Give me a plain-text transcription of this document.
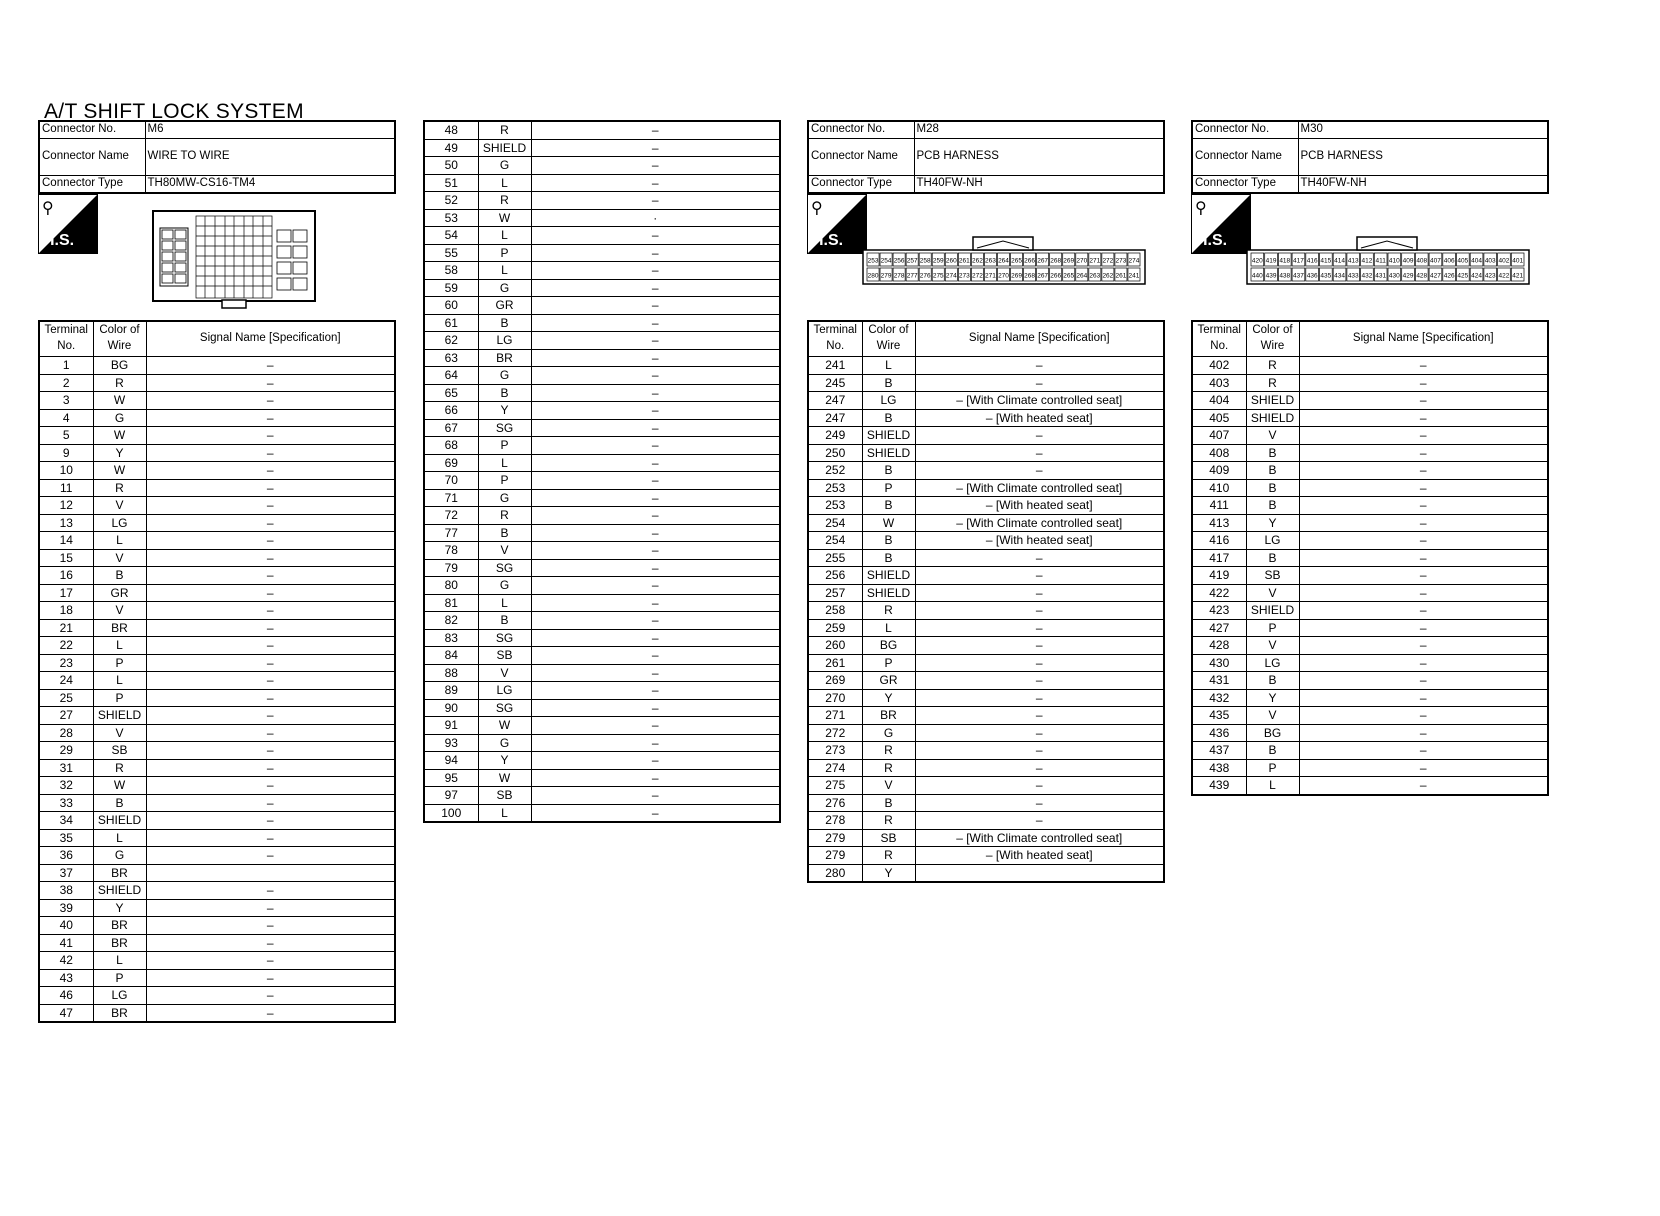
A/T SHIFT LOCK SYSTEM
Connector No.	M6
Connector Name	WIRE TO WIRE
Connector Type	TH80MW-CS16-TM4
⚲
H.S.
Terminal No.	Color of Wire	Signal Name [Specification]
1	BG	–
2	R	–
3	W	–
4	G	–
5	W	–
9	Y	–
10	W	–
11	R	–
12	V	–
13	LG	–
14	L	–
15	V	–
16	B	–
17	GR	–
18	V	–
21	BR	–
22	L	–
23	P	–
24	L	–
25	P	–
27	SHIELD	–
28	V	–
29	SB	–
31	R	–
32	W	–
33	B	–
34	SHIELD	–
35	L	–
36	G	–
37	BR	
38	SHIELD	–
39	Y	–
40	BR	–
41	BR	–
42	L	–
43	P	–
46	LG	–
47	BR	–
48	R	–
49	SHIELD	–
50	G	–
51	L	–
52	R	–
53	W	·
54	L	–
55	P	–
58	L	–
59	G	–
60	GR	–
61	B	–
62	LG	–
63	BR	–
64	G	–
65	B	–
66	Y	–
67	SG	–
68	P	–
69	L	–
70	P	–
71	G	–
72	R	–
77	B	–
78	V	–
79	SG	–
80	G	–
81	L	–
82	B	–
83	SG	–
84	SB	–
88	V	–
89	LG	–
90	SG	–
91	W	–
93	G	–
94	Y	–
95	W	–
97	SB	–
100	L	–
Connector No.	M28
Connector Name	PCB HARNESS
Connector Type	TH40FW-NH
⚲
H.S.
253 254 256 257 258 259 260 261 262 263 264 265 266 267 268 269 270 271 272 273 274
280 279 278 277 276 275 274 273 272 271 270 269 268 267 266 265 264 263 262 261 241
Terminal No.	Color of Wire	Signal Name [Specification]
241	L	–
245	B	–
247	LG	– [With Climate controlled seat]
247	B	– [With heated seat]
249	SHIELD	–
250	SHIELD	–
252	B	–
253	P	– [With Climate controlled seat]
253	B	– [With heated seat]
254	W	– [With Climate controlled seat]
254	B	– [With heated seat]
255	B	–
256	SHIELD	–
257	SHIELD	–
258	R	–
259	L	–
260	BG	–
261	P	–
269	GR	–
270	Y	–
271	BR	–
272	G	–
273	R	–
274	R	–
275	V	–
276	B	–
278	R	–
279	SB	– [With Climate controlled seat]
279	R	– [With heated seat]
280	Y	
Connector No.	M30
Connector Name	PCB HARNESS
Connector Type	TH40FW-NH
⚲
H.S.
420 419 418 417 416 415 414 413 412 411 410 409 408 407 406 405 404 403 402 401
440 439 438 437 436 435 434 433 432 431 430 429 428 427 426 425 424 423 422 421
Terminal No.	Color of Wire	Signal Name [Specification]
402	R	–
403	R	–
404	SHIELD	–
405	SHIELD	–
407	V	–
408	B	–
409	B	–
410	B	–
411	B	–
413	Y	–
416	LG	–
417	B	–
419	SB	–
422	V	–
423	SHIELD	–
427	P	–
428	V	–
430	LG	–
431	B	–
432	Y	–
435	V	–
436	BG	–
437	B	–
438	P	–
439	L	–
